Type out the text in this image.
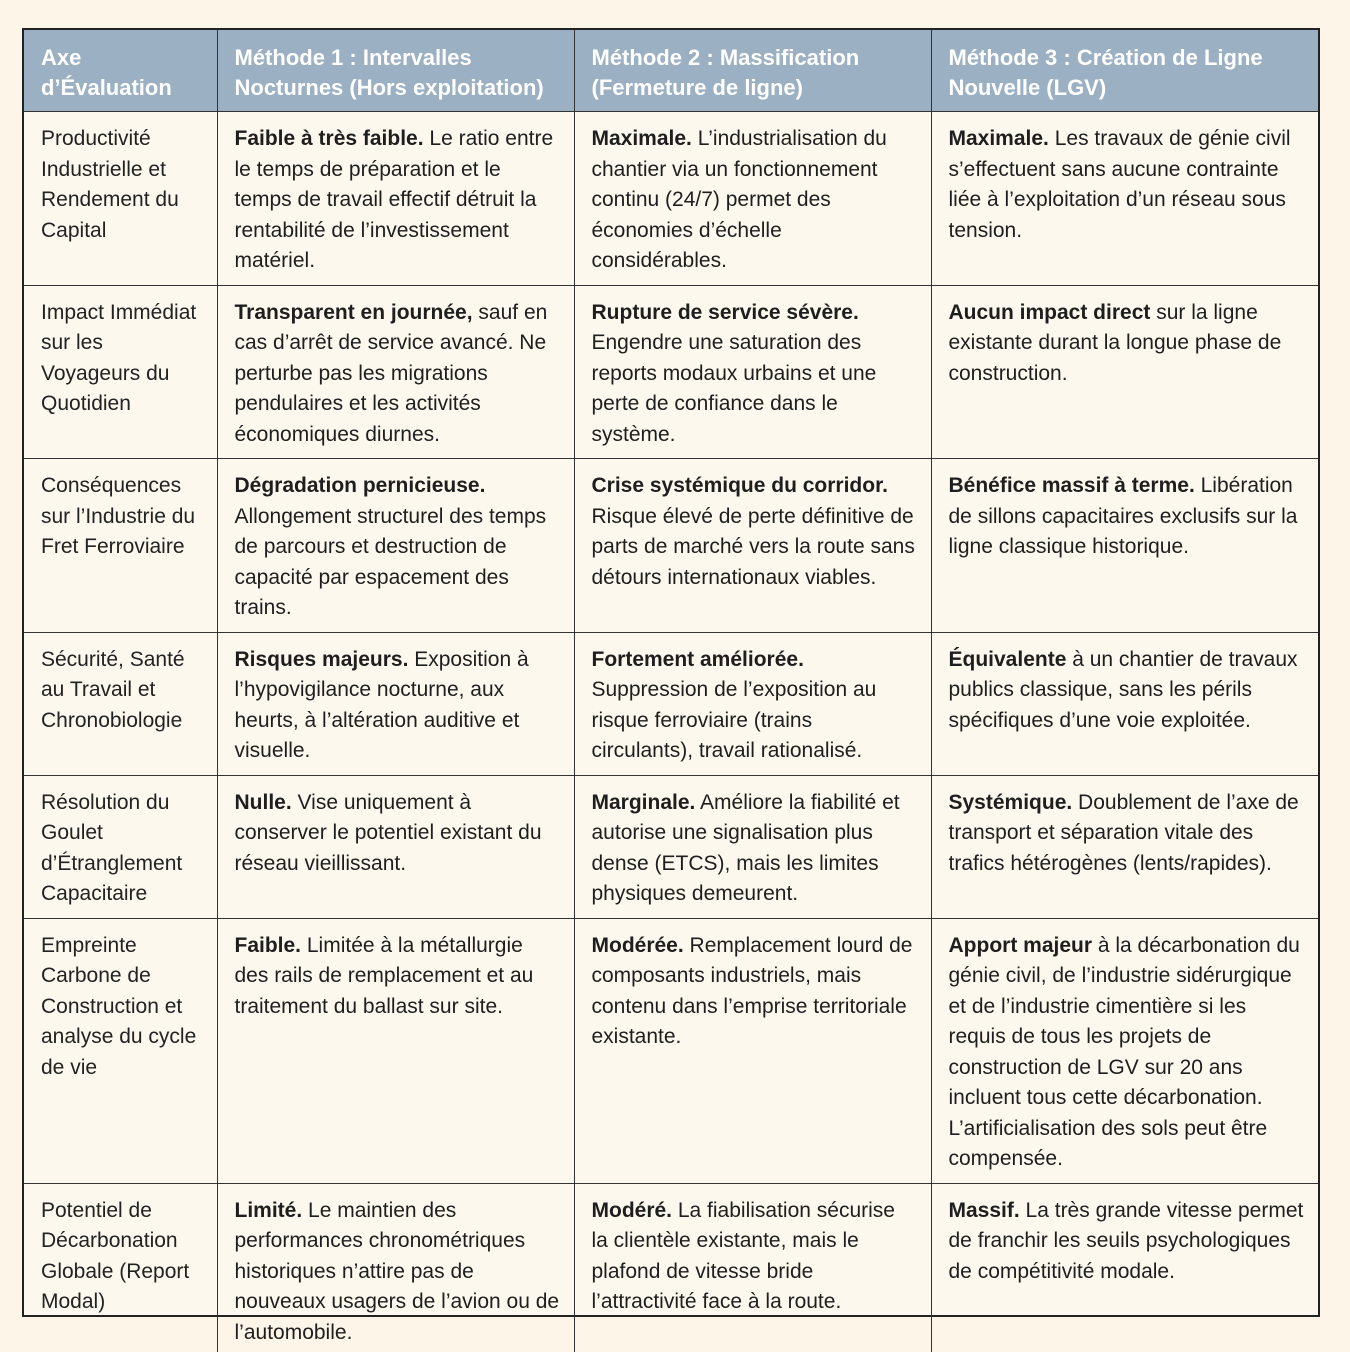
Axe d’Évaluation	Méthode 1 : Intervalles Nocturnes (Hors exploitation)	Méthode 2 : Massification (Fermeture de ligne)	Méthode 3 : Création de Ligne Nouvelle (LGV)
Productivité Industrielle et Rendement du Capital	Faible à très faible. Le ratio entre le temps de préparation et le temps de travail effectif détruit la rentabilité de l’investissement matériel.	Maximale. L’industrialisation du chantier via un fonctionnement continu (24/7) permet des économies d’échelle considérables.	Maximale. Les travaux de génie civil s’effectuent sans aucune contrainte liée à l’exploitation d’un réseau sous tension.
Impact Immédiat sur les Voyageurs du Quotidien	Transparent en journée, sauf en cas d’arrêt de service avancé. Ne perturbe pas les migrations pendulaires et les activités économiques diurnes.	Rupture de service sévère. Engendre une saturation des reports modaux urbains et une perte de confiance dans le système.	Aucun impact direct sur la ligne existante durant la longue phase de construction.
Conséquences sur l’Industrie du Fret Ferroviaire	Dégradation pernicieuse. Allongement structurel des temps de parcours et destruction de capacité par espacement des trains.	Crise systémique du corridor. Risque élevé de perte définitive de parts de marché vers la route sans détours internationaux viables.	Bénéfice massif à terme. Libération de sillons capacitaires exclusifs sur la ligne classique historique.
Sécurité, Santé au Travail et Chronobiologie	Risques majeurs. Exposition à l’hypovigilance nocturne, aux heurts, à l’altération auditive et visuelle.	Fortement améliorée. Suppression de l’exposition au risque ferroviaire (trains circulants), travail rationalisé.	Équivalente à un chantier de travaux publics classique, sans les périls spécifiques d’une voie exploitée.
Résolution du Goulet d’Étranglement Capacitaire	Nulle. Vise uniquement à conserver le potentiel existant du réseau vieillissant.	Marginale. Améliore la fiabilité et autorise une signalisation plus dense (ETCS), mais les limites physiques demeurent.	Systémique. Doublement de l’axe de transport et séparation vitale des trafics hétérogènes (lents/rapides).
Empreinte Carbone de Construction et analyse du cycle de vie	Faible. Limitée à la métallurgie des rails de remplacement et au traitement du ballast sur site.	Modérée. Remplacement lourd de composants industriels, mais contenu dans l’emprise territoriale existante.	Apport majeur à la décarbonation du génie civil, de l’industrie sidérurgique et de l’industrie cimentière si les requis de tous les projets de construction de LGV sur 20 ans incluent tous cette décarbonation. L’artificialisation des sols peut être compensée.
Potentiel de Décarbonation Globale (Report Modal)	Limité. Le maintien des performances chronométriques historiques n’attire pas de nouveaux usagers de l’avion ou de l’automobile.	Modéré. La fiabilisation sécurise la clientèle existante, mais le plafond de vitesse bride l’attractivité face à la route.	Massif. La très grande vitesse permet de franchir les seuils psychologiques de compétitivité modale.
